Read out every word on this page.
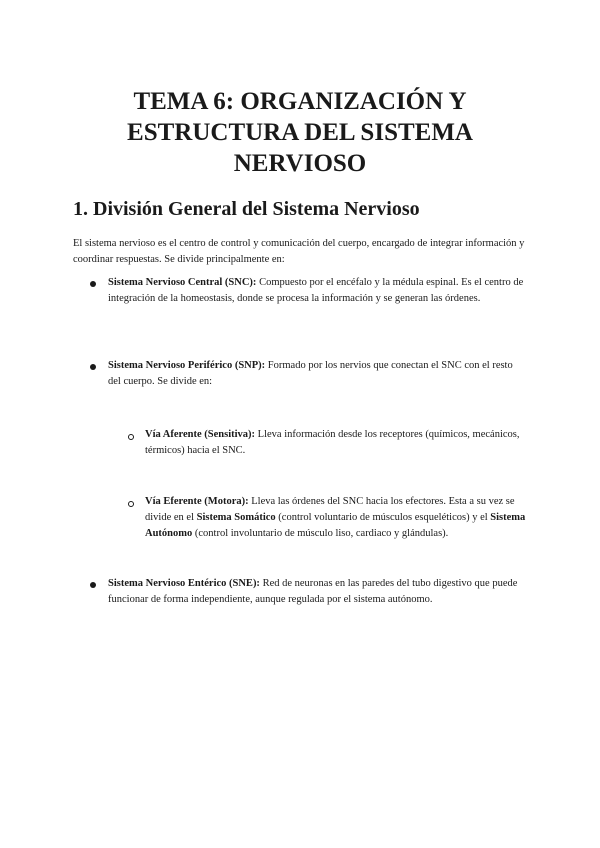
TEMA 6: ORGANIZACIÓN Y
ESTRUCTURA DEL SISTEMA
NERVIOSO
1. División General del Sistema Nervioso

El sistema nervioso es el centro de control y comunicación del cuerpo, encargado de integrar información y coordinar respuestas. Se divide principalmente en:

Sistema Nervioso Central (SNC): Compuesto por el encéfalo y la médula espinal. Es el centro de integración de la homeostasis, donde se procesa la información y se generan las órdenes.

Sistema Nervioso Periférico (SNP): Formado por los nervios que conectan el SNC con el resto del cuerpo. Se divide en:

Vía Aferente (Sensitiva): Lleva información desde los receptores (químicos, mecánicos, térmicos) hacia el SNC.

Vía Eferente (Motora): Lleva las órdenes del SNC hacia los efectores. Esta a su vez se divide en el Sistema Somático (control voluntario de músculos esqueléticos) y el Sistema Autónomo (control involuntario de músculo liso, cardiaco y glándulas).

Sistema Nervioso Entérico (SNE): Red de neuronas en las paredes del tubo digestivo que puede funcionar de forma independiente, aunque regulada por el sistema autónomo.
